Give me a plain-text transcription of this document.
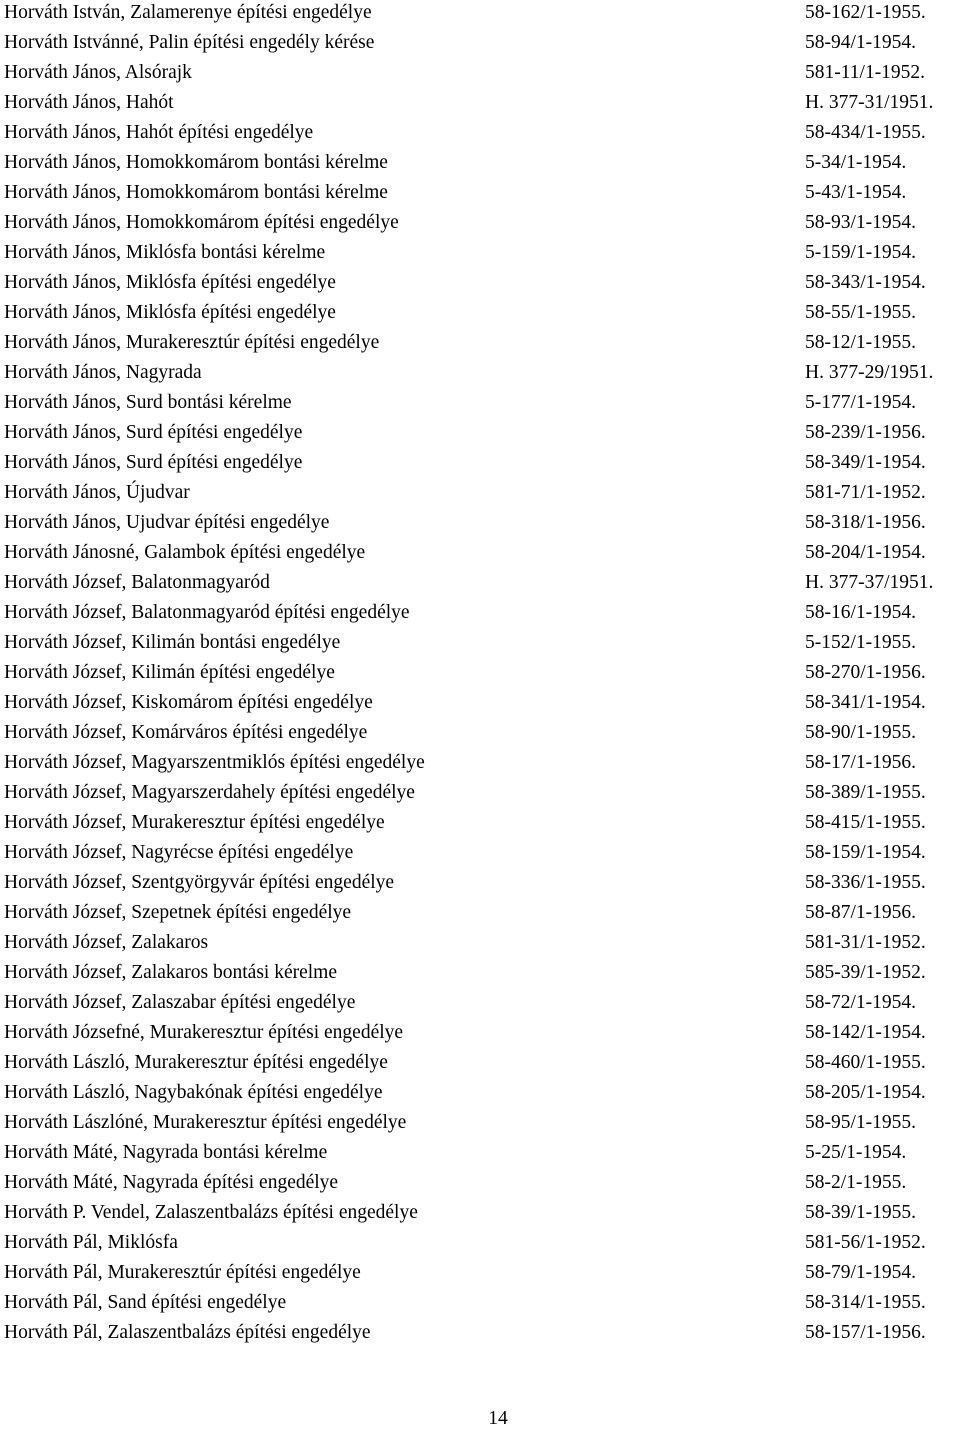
Horváth István, Zalamerenye építési engedélye	58-162/1-1955.
Horváth Istvánné, Palin építési engedély kérése	58-94/1-1954.
Horváth János, Alsórajk	581-11/1-1952.
Horváth János, Hahót	H. 377-31/1951.
Horváth János, Hahót építési engedélye	58-434/1-1955.
Horváth János, Homokkomárom bontási kérelme	5-34/1-1954.
Horváth János, Homokkomárom bontási kérelme	5-43/1-1954.
Horváth János, Homokkomárom építési engedélye	58-93/1-1954.
Horváth János, Miklósfa bontási kérelme	5-159/1-1954.
Horváth János, Miklósfa építési engedélye	58-343/1-1954.
Horváth János, Miklósfa építési engedélye	58-55/1-1955.
Horváth János, Murakeresztúr építési engedélye	58-12/1-1955.
Horváth János, Nagyrada	H. 377-29/1951.
Horváth János, Surd bontási kérelme	5-177/1-1954.
Horváth János, Surd építési engedélye	58-239/1-1956.
Horváth János, Surd építési engedélye	58-349/1-1954.
Horváth János, Újudvar	581-71/1-1952.
Horváth János, Ujudvar építési engedélye	58-318/1-1956.
Horváth Jánosné, Galambok építési engedélye	58-204/1-1954.
Horváth József, Balatonmagyaród	H. 377-37/1951.
Horváth József, Balatonmagyaród építési engedélye	58-16/1-1954.
Horváth József, Kilimán bontási engedélye	5-152/1-1955.
Horváth József, Kilimán építési engedélye	58-270/1-1956.
Horváth József, Kiskomárom építési engedélye	58-341/1-1954.
Horváth József, Komárváros építési engedélye	58-90/1-1955.
Horváth József, Magyarszentmiklós építési engedélye	58-17/1-1956.
Horváth József, Magyarszerdahely építési engedélye	58-389/1-1955.
Horváth József, Murakeresztur építési engedélye	58-415/1-1955.
Horváth József, Nagyrécse építési engedélye	58-159/1-1954.
Horváth József, Szentgyörgyvár építési engedélye	58-336/1-1955.
Horváth József, Szepetnek építési engedélye	58-87/1-1956.
Horváth József, Zalakaros	581-31/1-1952.
Horváth József, Zalakaros bontási kérelme	585-39/1-1952.
Horváth József, Zalaszabar építési engedélye	58-72/1-1954.
Horváth Józsefné, Murakeresztur építési engedélye	58-142/1-1954.
Horváth László, Murakeresztur építési engedélye	58-460/1-1955.
Horváth László, Nagybakónak építési engedélye	58-205/1-1954.
Horváth Lászlóné, Murakeresztur építési engedélye	58-95/1-1955.
Horváth Máté, Nagyrada bontási kérelme	5-25/1-1954.
Horváth Máté, Nagyrada építési engedélye	58-2/1-1955.
Horváth P. Vendel, Zalaszentbalázs építési engedélye	58-39/1-1955.
Horváth Pál, Miklósfa	581-56/1-1952.
Horváth Pál, Murakeresztúr építési engedélye	58-79/1-1954.
Horváth Pál, Sand építési engedélye	58-314/1-1955.
Horváth Pál, Zalaszentbalázs építési engedélye	58-157/1-1956.
14
